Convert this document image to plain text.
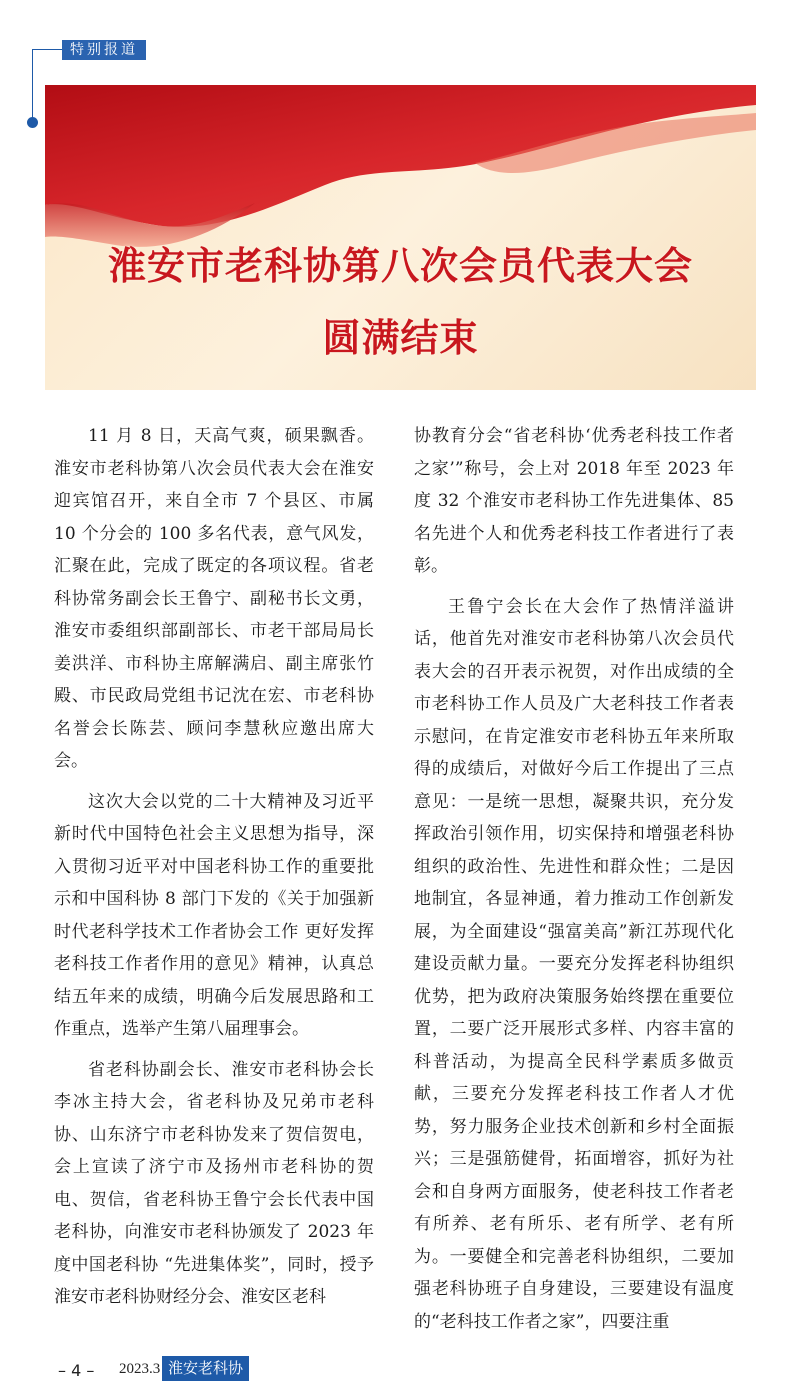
特别报道
淮安市老科协第八次会员代表大会
圆满结束

11 月 8 日，天高气爽，硕果飘香。淮安市老科协第八次会员代表大会在淮安迎宾馆召开，来自全市 7 个县区、市属 10 个分会的 100 多名代表，意气风发，汇聚在此，完成了既定的各项议程。省老科协常务副会长王鲁宁、副秘书长文勇，淮安市委组织部副部长、市老干部局局长姜洪洋、市科协主席解满启、副主席张竹殿、市民政局党组书记沈在宏、市老科协名誉会长陈芸、顾问李慧秋应邀出席大会。

这次大会以党的二十大精神及习近平新时代中国特色社会主义思想为指导，深入贯彻习近平对中国老科协工作的重要批示和中国科协 8 部门下发的《关于加强新时代老科学技术工作者协会工作 更好发挥老科技工作者作用的意见》精神，认真总结五年来的成绩，明确今后发展思路和工作重点，选举产生第八届理事会。

省老科协副会长、淮安市老科协会长李冰主持大会，省老科协及兄弟市老科协、山东济宁市老科协发来了贺信贺电，会上宣读了济宁市及扬州市老科协的贺电、贺信，省老科协王鲁宁会长代表中国老科协，向淮安市老科协颁发了 2023 年度中国老科协 “先进集体奖”，同时，授予淮安市老科协财经分会、淮安区老科

协教育分会“省老科协‘优秀老科技工作者之家’”称号，会上对 2018 年至 2023 年度 32 个淮安市老科协工作先进集体、85 名先进个人和优秀老科技工作者进行了表彰。

王鲁宁会长在大会作了热情洋溢讲话，他首先对淮安市老科协第八次会员代表大会的召开表示祝贺，对作出成绩的全市老科协工作人员及广大老科技工作者表示慰问，在肯定淮安市老科协五年来所取得的成绩后，对做好今后工作提出了三点意见：一是统一思想，凝聚共识，充分发挥政治引领作用，切实保持和增强老科协组织的政治性、先进性和群众性；二是因地制宜，各显神通，着力推动工作创新发展，为全面建设“强富美高”新江苏现代化建设贡献力量。一要充分发挥老科协组织优势，把为政府决策服务始终摆在重要位置，二要广泛开展形式多样、内容丰富的科普活动，为提高全民科学素质多做贡献，三要充分发挥老科技工作者人才优势，努力服务企业技术创新和乡村全面振兴；三是强筋健骨，拓面增容，抓好为社会和自身两方面服务，使老科技工作者老有所养、老有所乐、老有所学、老有所为。一要健全和完善老科协组织，二要加强老科协班子自身建设，三要建设有温度的“老科技工作者之家”，四要注重

– 4 – 2023.3 淮安老科协
